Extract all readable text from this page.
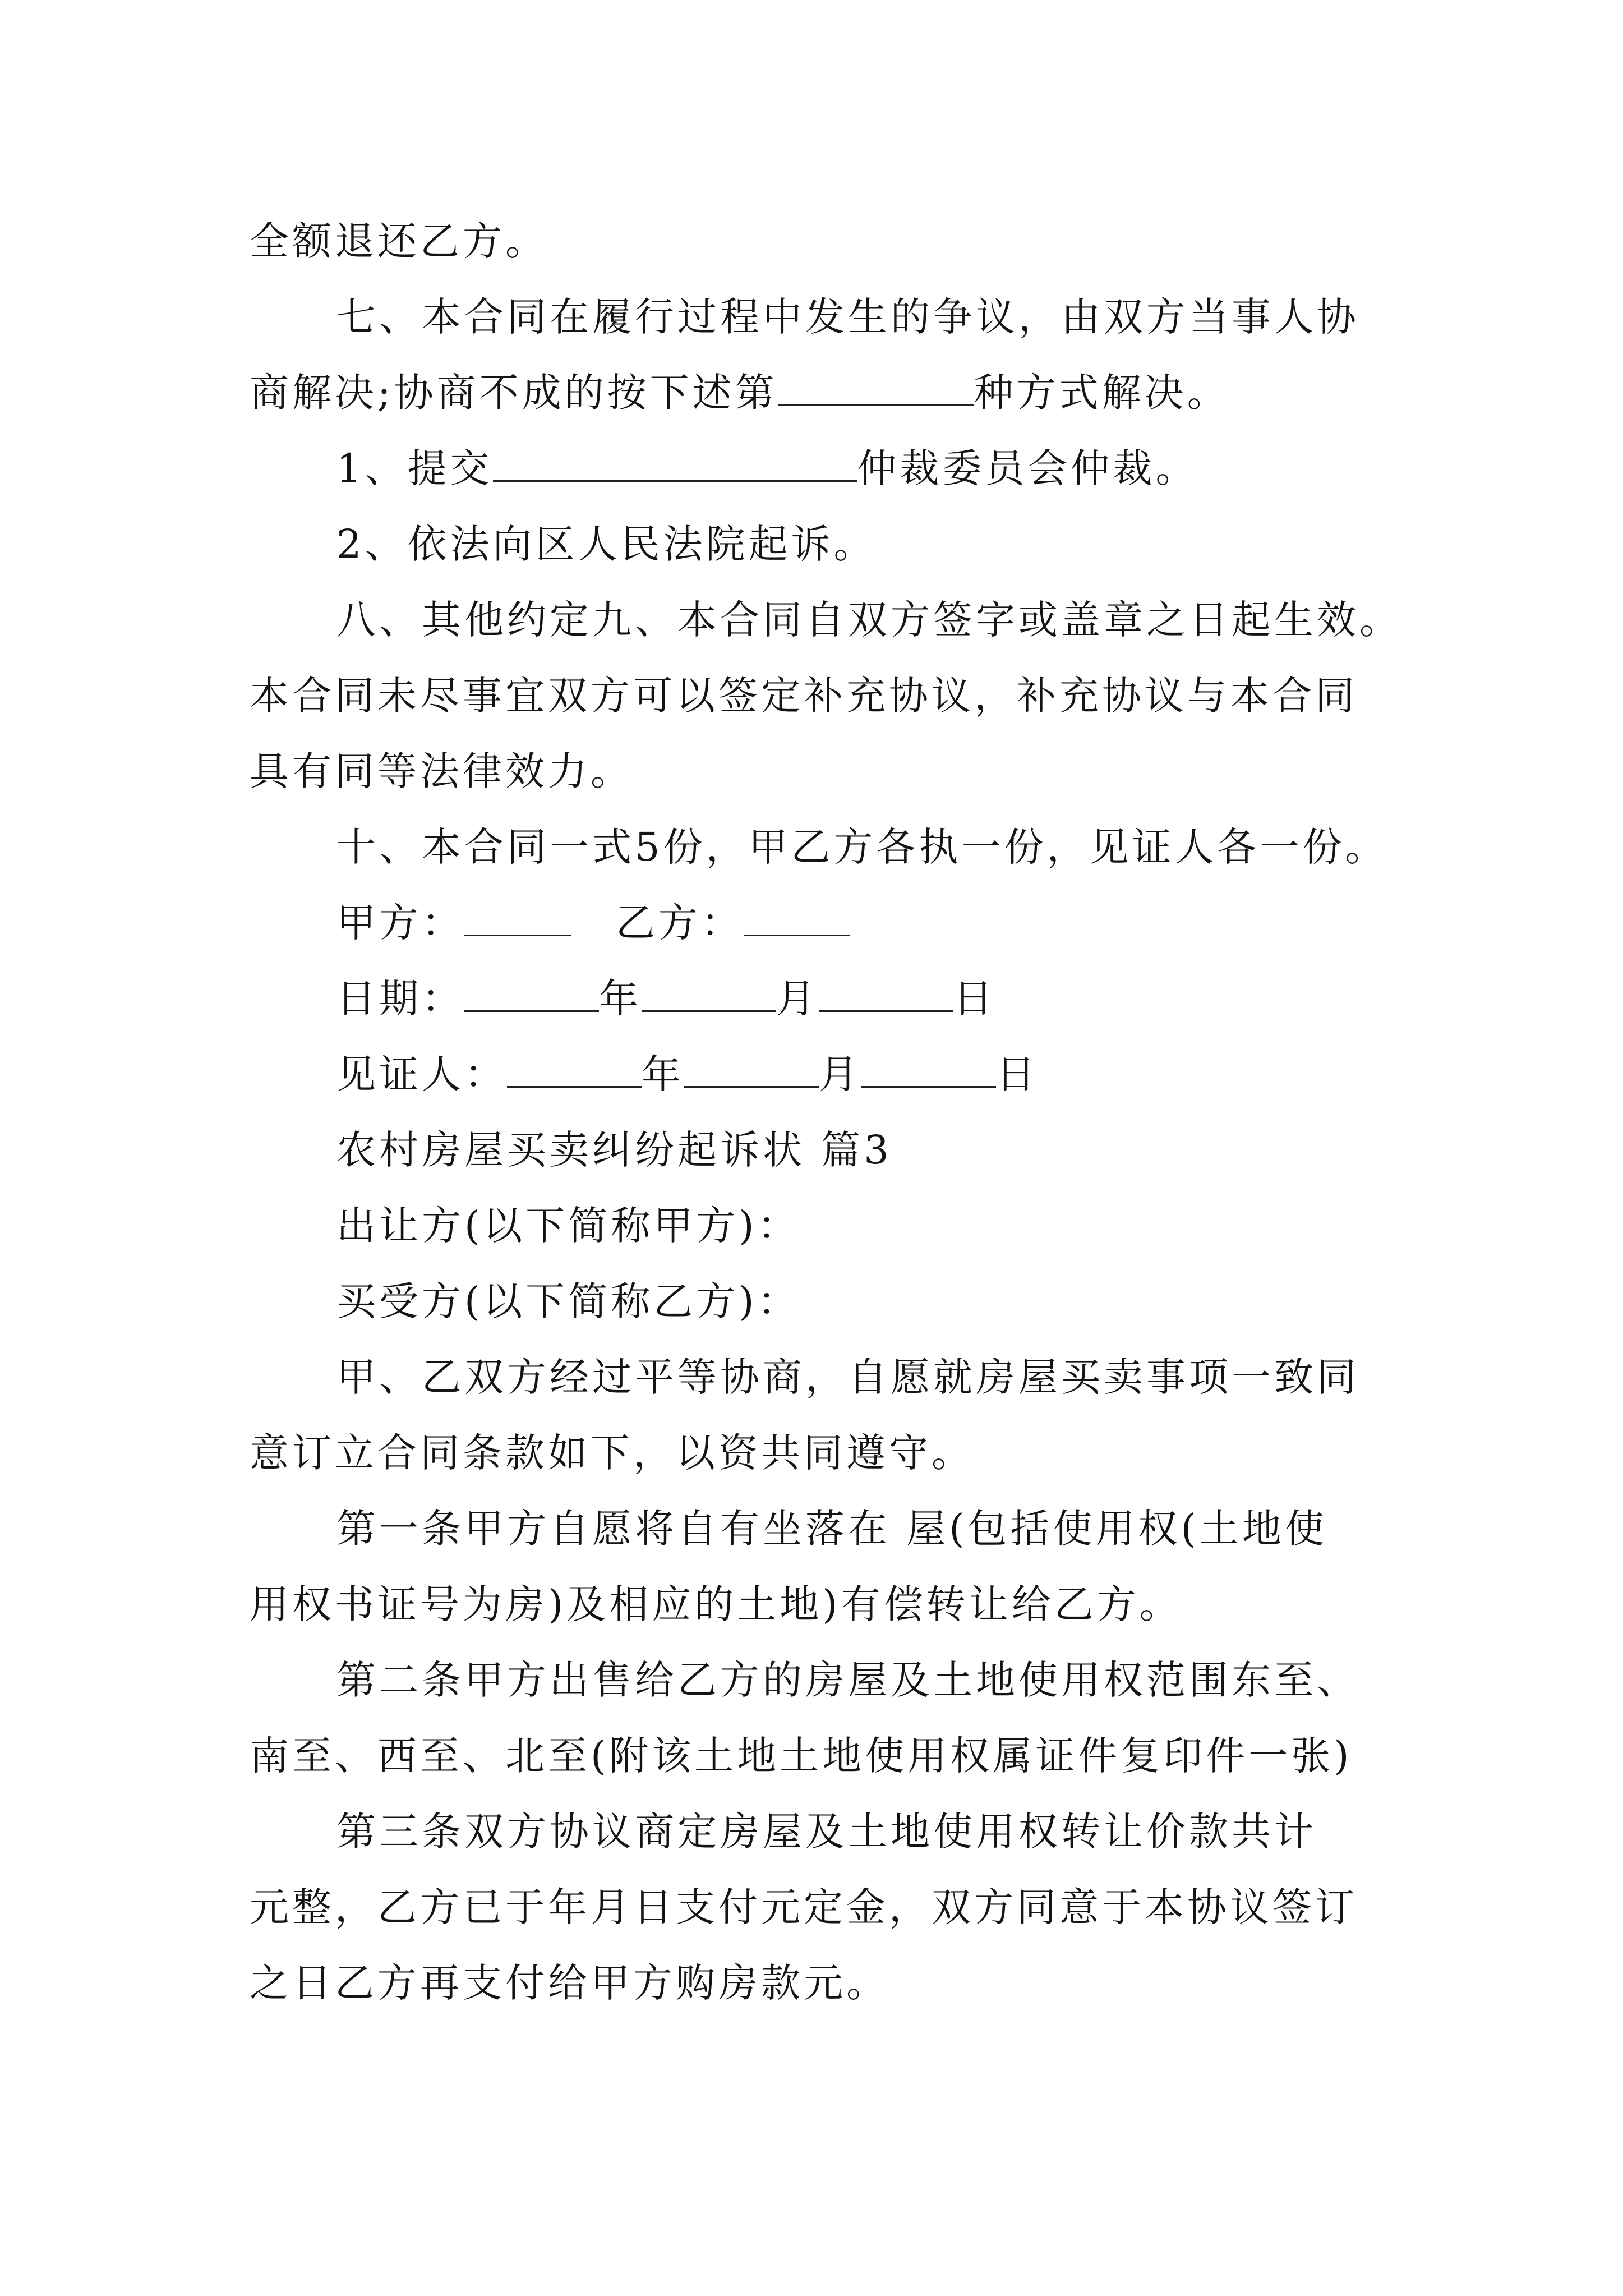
全额退还乙方。
七、本合同在履行过程中发生的争议，由双方当事人协
商解决;协商不成的按下述第	种方式解决。
1、提交	仲裁委员会仲裁。
2、依法向区人民法院起诉。
八、其他约定九、本合同自双方签字或盖章之日起生效。
本合同未尽事宜双方可以签定补充协议，补充协议与本合同
具有同等法律效力。
十、本合同一式5份，甲乙方各执一份，见证人各一份。
甲方：	乙方：
日期：	年	月	日
见证人：	年	月	日
农村房屋买卖纠纷起诉状 篇3
出让方(以下简称甲方)：
买受方(以下简称乙方)：
甲、乙双方经过平等协商，自愿就房屋买卖事项一致同
意订立合同条款如下，以资共同遵守。
第一条甲方自愿将自有坐落在 屋(包括使用权(土地使
用权书证号为房)及相应的土地)有偿转让给乙方。
第二条甲方出售给乙方的房屋及土地使用权范围东至、
南至、西至、北至(附该土地土地使用权属证件复印件一张)
第三条双方协议商定房屋及土地使用权转让价款共计
元整，乙方已于年月日支付元定金，双方同意于本协议签订
之日乙方再支付给甲方购房款元。
